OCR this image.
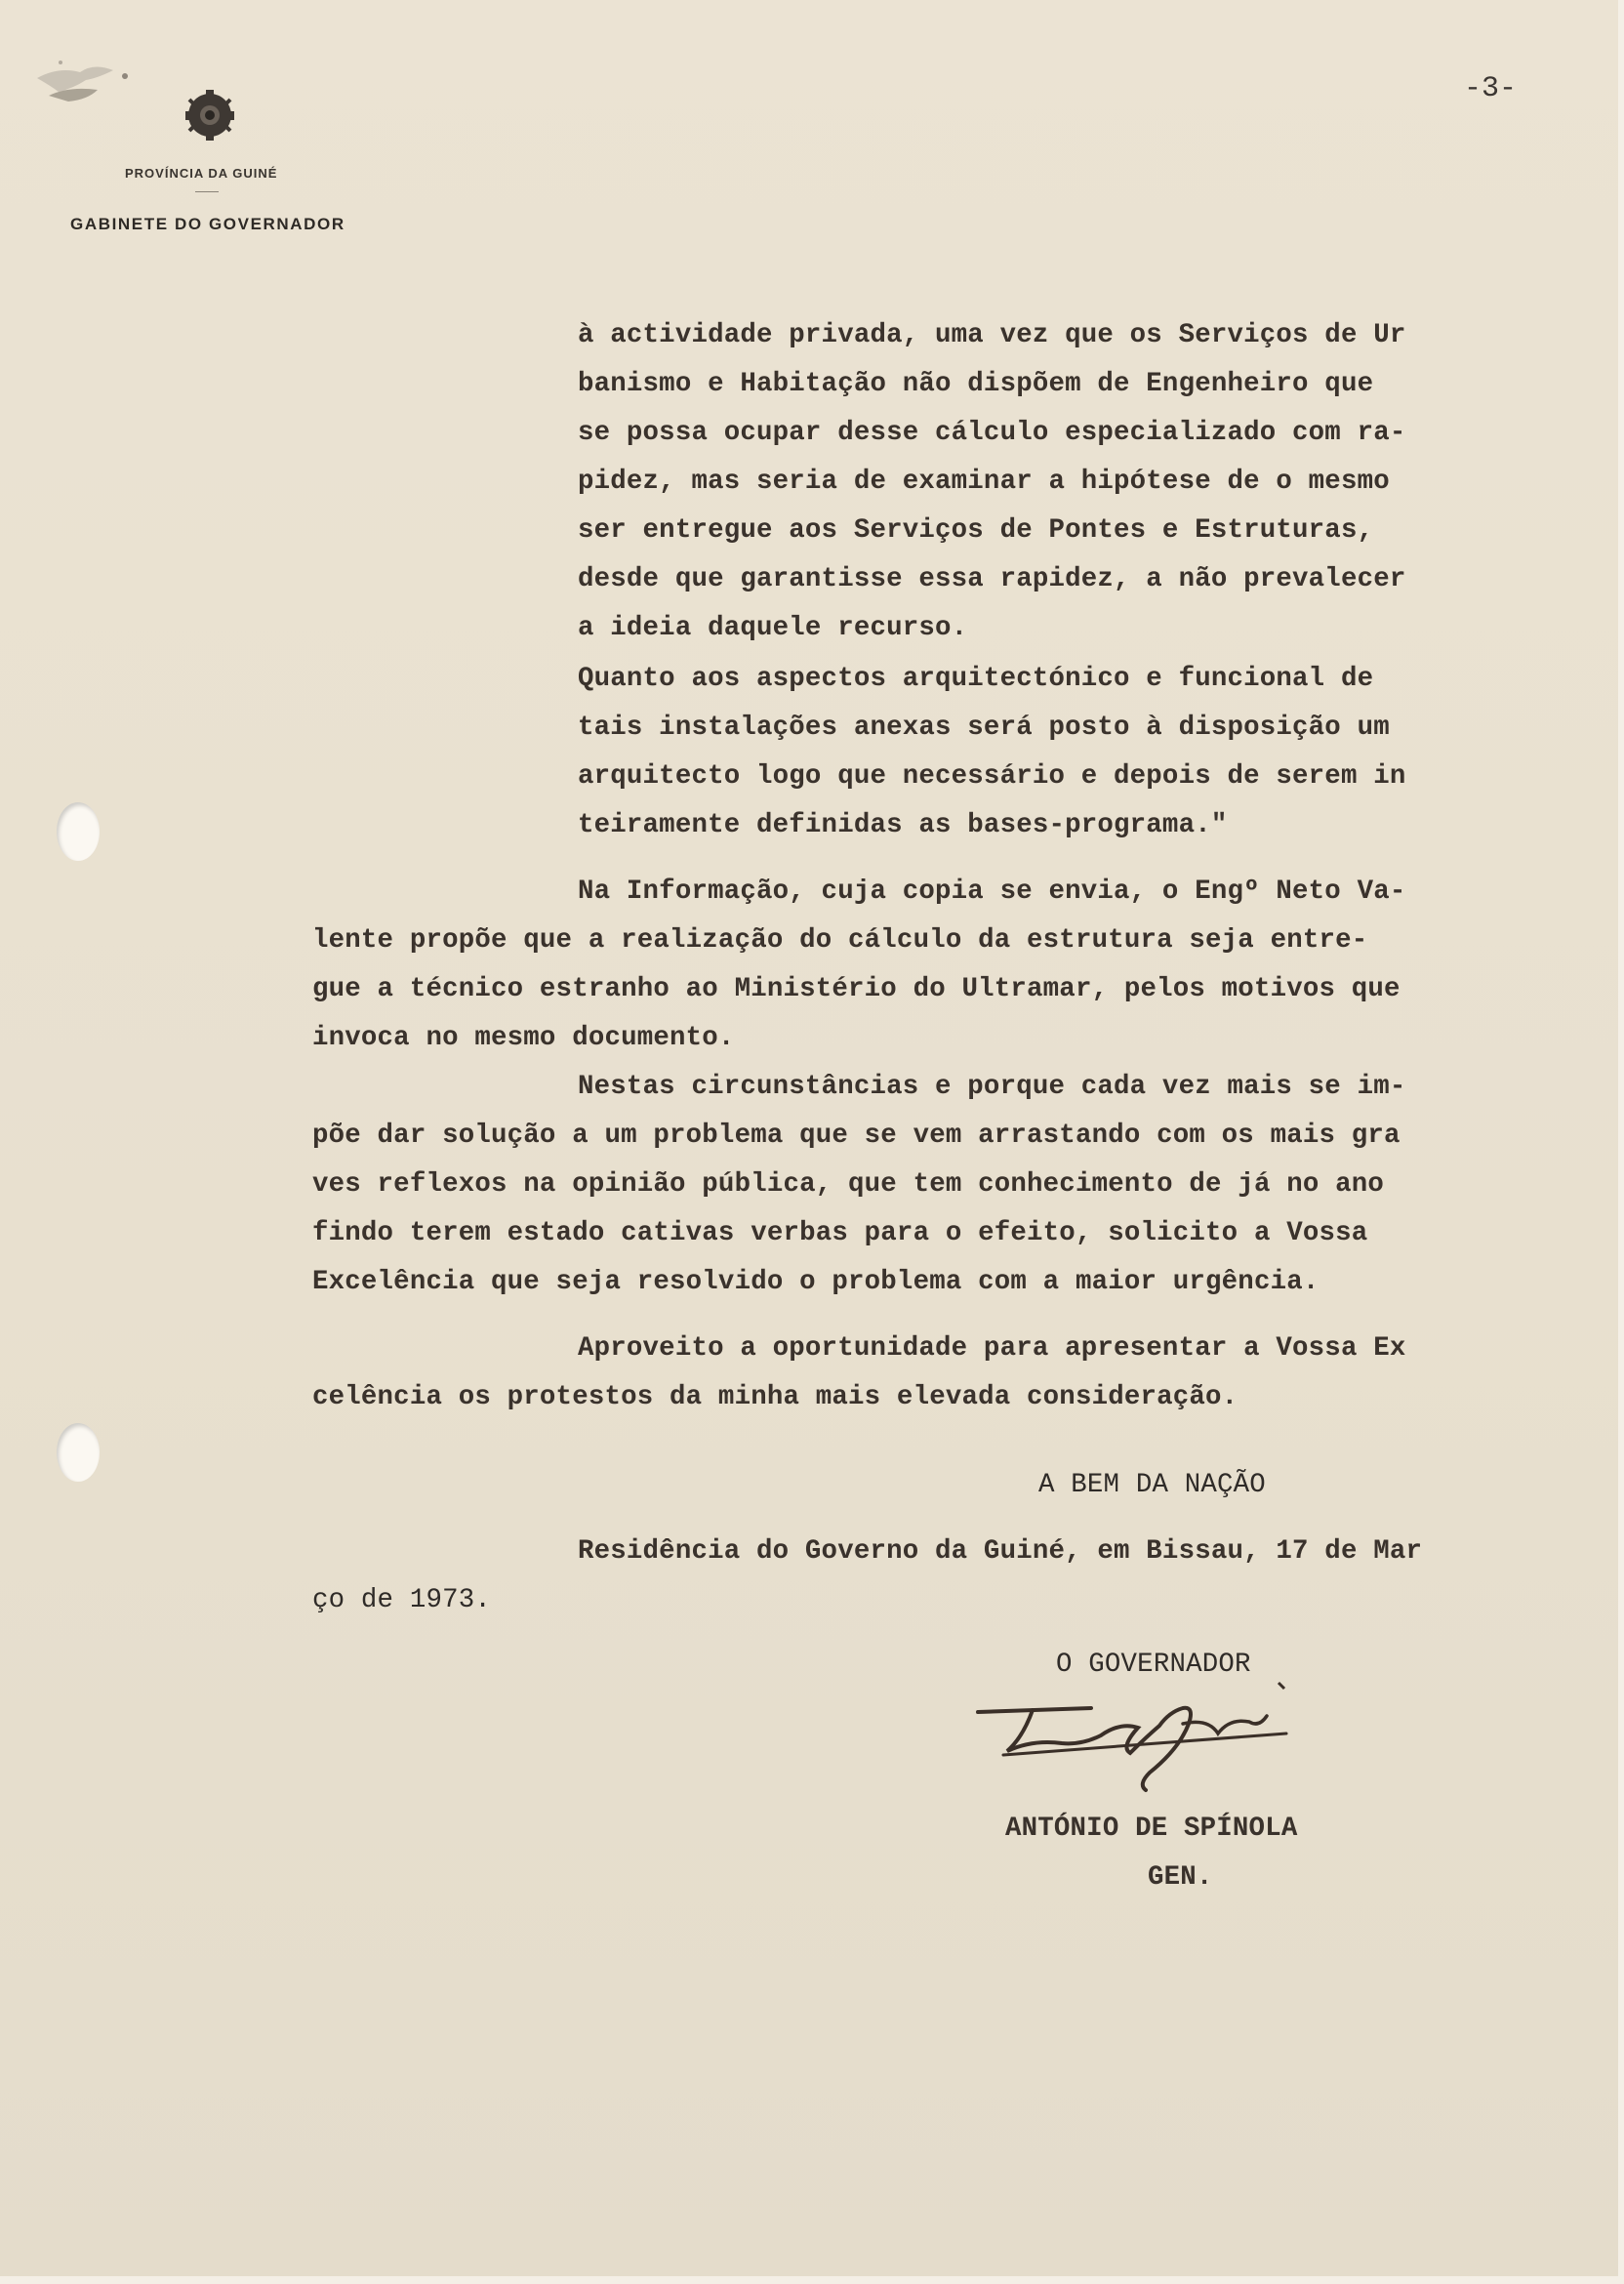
PROVÍNCIA DA GUINÉ
GABINETE DO GOVERNADOR
-3-
à actividade privada, uma vez que os Serviços de Ur
banismo e Habitação não dispõem de Engenheiro que
se possa ocupar desse cálculo especializado com ra-
pidez, mas seria de examinar a hipótese de o mesmo
ser entregue aos Serviços de Pontes e Estruturas,
desde que garantisse essa rapidez, a não prevalecer
a ideia daquele recurso.
Quanto aos aspectos arquitectónico e funcional de
tais instalações anexas será posto à disposição um
arquitecto logo que necessário e depois de serem in
teiramente definidas as bases-programa."
Na Informação, cuja copia se envia, o Engº Neto Va-
lente propõe que a realização do cálculo da estrutura seja entre-
gue a técnico estranho ao Ministério do Ultramar, pelos motivos que
invoca no mesmo documento.
Nestas circunstâncias e porque cada vez mais se im-
põe dar solução a um problema que se vem arrastando com os mais gra
ves reflexos na opinião pública, que tem conhecimento de já no ano
findo terem estado cativas verbas para o efeito, solicito a Vossa
Excelência que seja resolvido o problema com a maior urgência.
Aproveito a oportunidade para apresentar a Vossa Ex
celência os protestos da minha mais elevada consideração.
A BEM DA NAÇÃO
Residência do Governo da Guiné, em Bissau, 17 de Mar
ço de 1973.
O GOVERNADOR
ANTÓNIO DE SPÍNOLA
GEN.
